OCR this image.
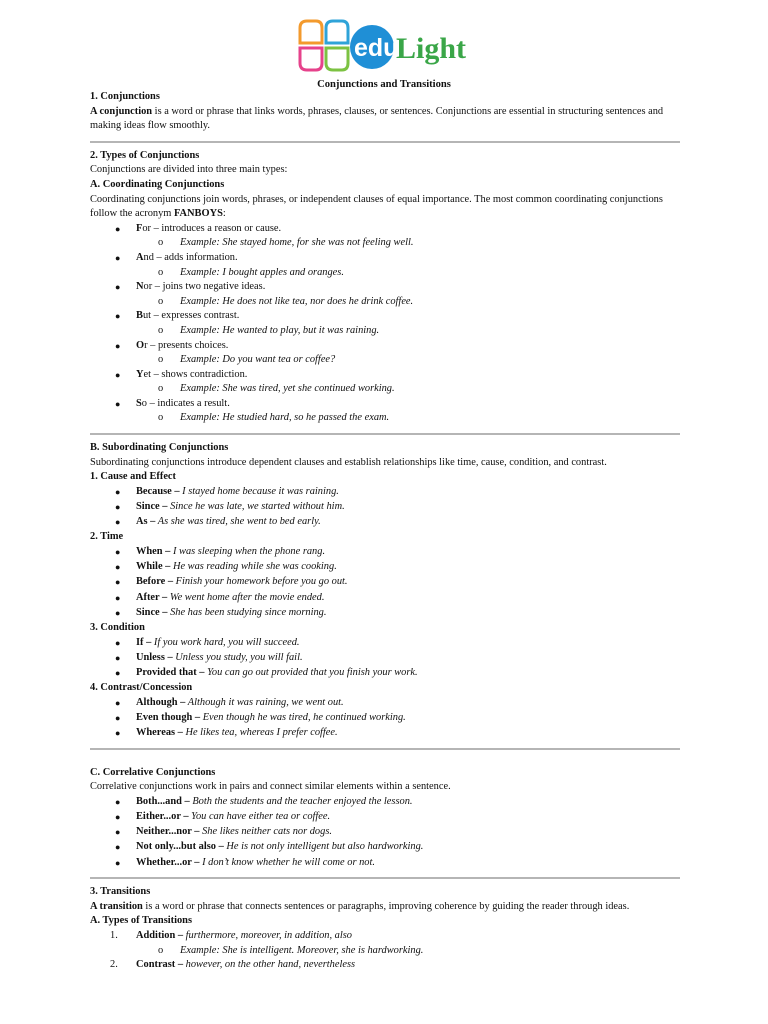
edu
Light
Conjunctions and Transitions

1. Conjunctions

A conjunction is a word or phrase that links words, phrases, clauses, or sentences. Conjunctions are essential in structuring sentences and making ideas flow smoothly.

2. Types of Conjunctions

Conjunctions are divided into three main types:

A. Coordinating Conjunctions

Coordinating conjunctions join words, phrases, or independent clauses of equal importance. The most common coordinating conjunctions follow the acronym FANBOYS:

● For – introduces a reason or cause.
o Example: She stayed home, for she was not feeling well.
● And – adds information.
o Example: I bought apples and oranges.
● Nor – joins two negative ideas.
o Example: He does not like tea, nor does he drink coffee.
● But – expresses contrast.
o Example: He wanted to play, but it was raining.
● Or – presents choices.
o Example: Do you want tea or coffee?
● Yet – shows contradiction.
o Example: She was tired, yet she continued working.
● So – indicates a result.
o Example: He studied hard, so he passed the exam.

B. Subordinating Conjunctions

Subordinating conjunctions introduce dependent clauses and establish relationships like time, cause, condition, and contrast.

1. Cause and Effect

● Because – I stayed home because it was raining.
● Since – Since he was late, we started without him.
● As – As she was tired, she went to bed early.

2. Time

● When – I was sleeping when the phone rang.
● While – He was reading while she was cooking.
● Before – Finish your homework before you go out.
● After – We went home after the movie ended.
● Since – She has been studying since morning.

3. Condition

● If – If you work hard, you will succeed.
● Unless – Unless you study, you will fail.
● Provided that – You can go out provided that you finish your work.

4. Contrast/Concession

● Although – Although it was raining, we went out.
● Even though – Even though he was tired, he continued working.
● Whereas – He likes tea, whereas I prefer coffee.

C. Correlative Conjunctions

Correlative conjunctions work in pairs and connect similar elements within a sentence.

● Both...and – Both the students and the teacher enjoyed the lesson.
● Either...or – You can have either tea or coffee.
● Neither...nor – She likes neither cats nor dogs.
● Not only...but also – He is not only intelligent but also hardworking.
● Whether...or – I don’t know whether he will come or not.

3. Transitions

A transition is a word or phrase that connects sentences or paragraphs, improving coherence by guiding the reader through ideas.

A. Types of Transitions

1. Addition – furthermore, moreover, in addition, also
o Example: She is intelligent. Moreover, she is hardworking.
2. Contrast – however, on the other hand, nevertheless
